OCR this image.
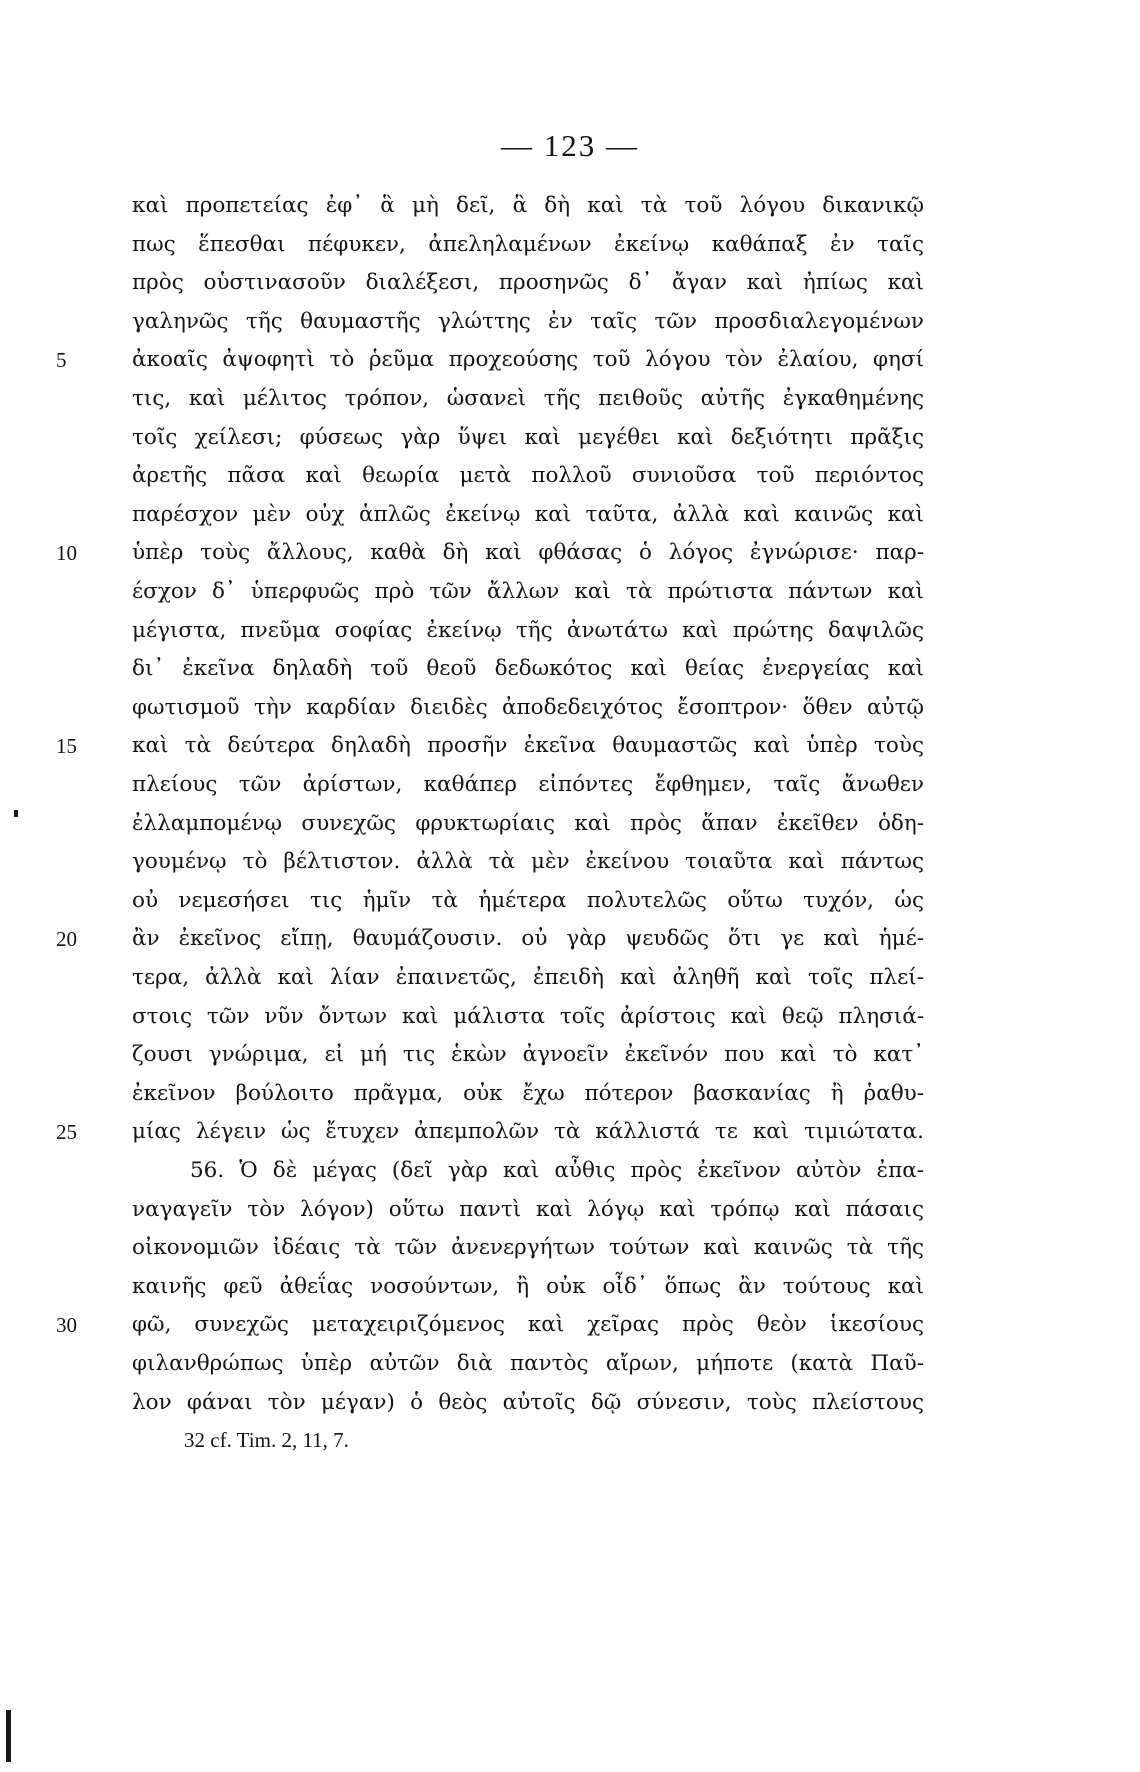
— 123 —
καὶ προπετείας ἐφ᾿ ἃ μὴ δεῖ, ἃ δὴ καὶ τὰ τοῦ λόγου δικανικῷ
πως ἕπεσθαι πέφυκεν, ἀπεληλαμένων ἐκείνῳ καθάπαξ ἐν ταῖς
πρὸς οὑστινασοῦν διαλέξεσι, προσηνῶς δ᾿ ἄγαν καὶ ἠπίως καὶ
γαληνῶς τῆς θαυμαστῆς γλώττης ἐν ταῖς τῶν προσδιαλεγομένων
5	ἀκοαῖς ἀψοφητὶ τὸ ῥεῦμα προχεούσης τοῦ λόγου τὸν ἐλαίου, φησί
τις, καὶ μέλιτος τρόπον, ὡσανεὶ τῆς πειθοῦς αὐτῆς ἐγκαθημένης
τοῖς χείλεσι; φύσεως γὰρ ὕψει καὶ μεγέθει καὶ δεξιότητι πρᾶξις
ἀρετῆς πᾶσα καὶ θεωρία μετὰ πολλοῦ συνιοῦσα τοῦ περιόντος
παρέσχον μὲν οὐχ ἁπλῶς ἐκείνῳ καὶ ταῦτα, ἀλλὰ καὶ καινῶς καὶ
10	ὑπὲρ τοὺς ἄλλους, καθὰ δὴ καὶ φθάσας ὁ λόγος ἐγνώρισε· παρ-
έσχον δ᾿ ὑπερφυῶς πρὸ τῶν ἄλλων καὶ τὰ πρώτιστα πάντων καὶ
μέγιστα, πνεῦμα σοφίας ἐκείνῳ τῆς ἀνωτάτω καὶ πρώτης δαψιλῶς
δι᾿ ἐκεῖνα δηλαδὴ τοῦ θεοῦ δεδωκότος καὶ θείας ἐνεργείας καὶ
φωτισμοῦ τὴν καρδίαν διειδὲς ἀποδεδειχότος ἔσοπτρον· ὅθεν αὐτῷ
15	καὶ τὰ δεύτερα δηλαδὴ προσῆν ἐκεῖνα θαυμαστῶς καὶ ὑπὲρ τοὺς
πλείους τῶν ἀρίστων, καθάπερ εἰπόντες ἔφθημεν, ταῖς ἄνωθεν
ἐλλαμπομένῳ συνεχῶς φρυκτωρίαις καὶ πρὸς ἅπαν ἐκεῖθεν ὁδη-
γουμένῳ τὸ βέλτιστον. ἀλλὰ τὰ μὲν ἐκείνου τοιαῦτα καὶ πάντως
οὐ νεμεσήσει τις ἡμῖν τὰ ἡμέτερα πολυτελῶς οὕτω τυχόν, ὡς
20	ἂν ἐκεῖνος εἴπῃ, θαυμάζουσιν. οὐ γὰρ ψευδῶς ὅτι γε καὶ ἡμέ-
τερα, ἀλλὰ καὶ λίαν ἐπαινετῶς, ἐπειδὴ καὶ ἀληθῆ καὶ τοῖς πλεί-
στοις τῶν νῦν ὄντων καὶ μάλιστα τοῖς ἀρίστοις καὶ θεῷ πλησιά-
ζουσι γνώριμα, εἰ μή τις ἑκὼν ἀγνοεῖν ἐκεῖνόν που καὶ τὸ κατ᾿
ἐκεῖνον βούλοιτο πρᾶγμα, οὐκ ἔχω πότερον βασκανίας ἢ ῥαθυ-
25	μίας λέγειν ὡς ἔτυχεν ἀπεμπολῶν τὰ κάλλιστά τε καὶ τιμιώτατα.
56. Ὁ δὲ μέγας (δεῖ γὰρ καὶ αὖθις πρὸς ἐκεῖνον αὐτὸν ἐπα-
ναγαγεῖν τὸν λόγον) οὕτω παντὶ καὶ λόγῳ καὶ τρόπῳ καὶ πάσαις
οἰκονομιῶν ἰδέαις τὰ τῶν ἀνενεργήτων τούτων καὶ καινῶς τὰ τῆς
καινῆς φεῦ ἀθεΐας νοσούντων, ἢ οὐκ οἶδ᾿ ὅπως ἂν τούτους καὶ
30	φῶ, συνεχῶς μεταχειριζόμενος καὶ χεῖρας πρὸς θεὸν ἱκεσίους
φιλανθρώπως ὑπὲρ αὐτῶν διὰ παντὸς αἴρων, μήποτε (κατὰ Παῦ-
λον φάναι τὸν μέγαν) ὁ θεὸς αὐτοῖς δῷ σύνεσιν, τοὺς πλείστους
32 cf. Tim. 2, 11, 7.
